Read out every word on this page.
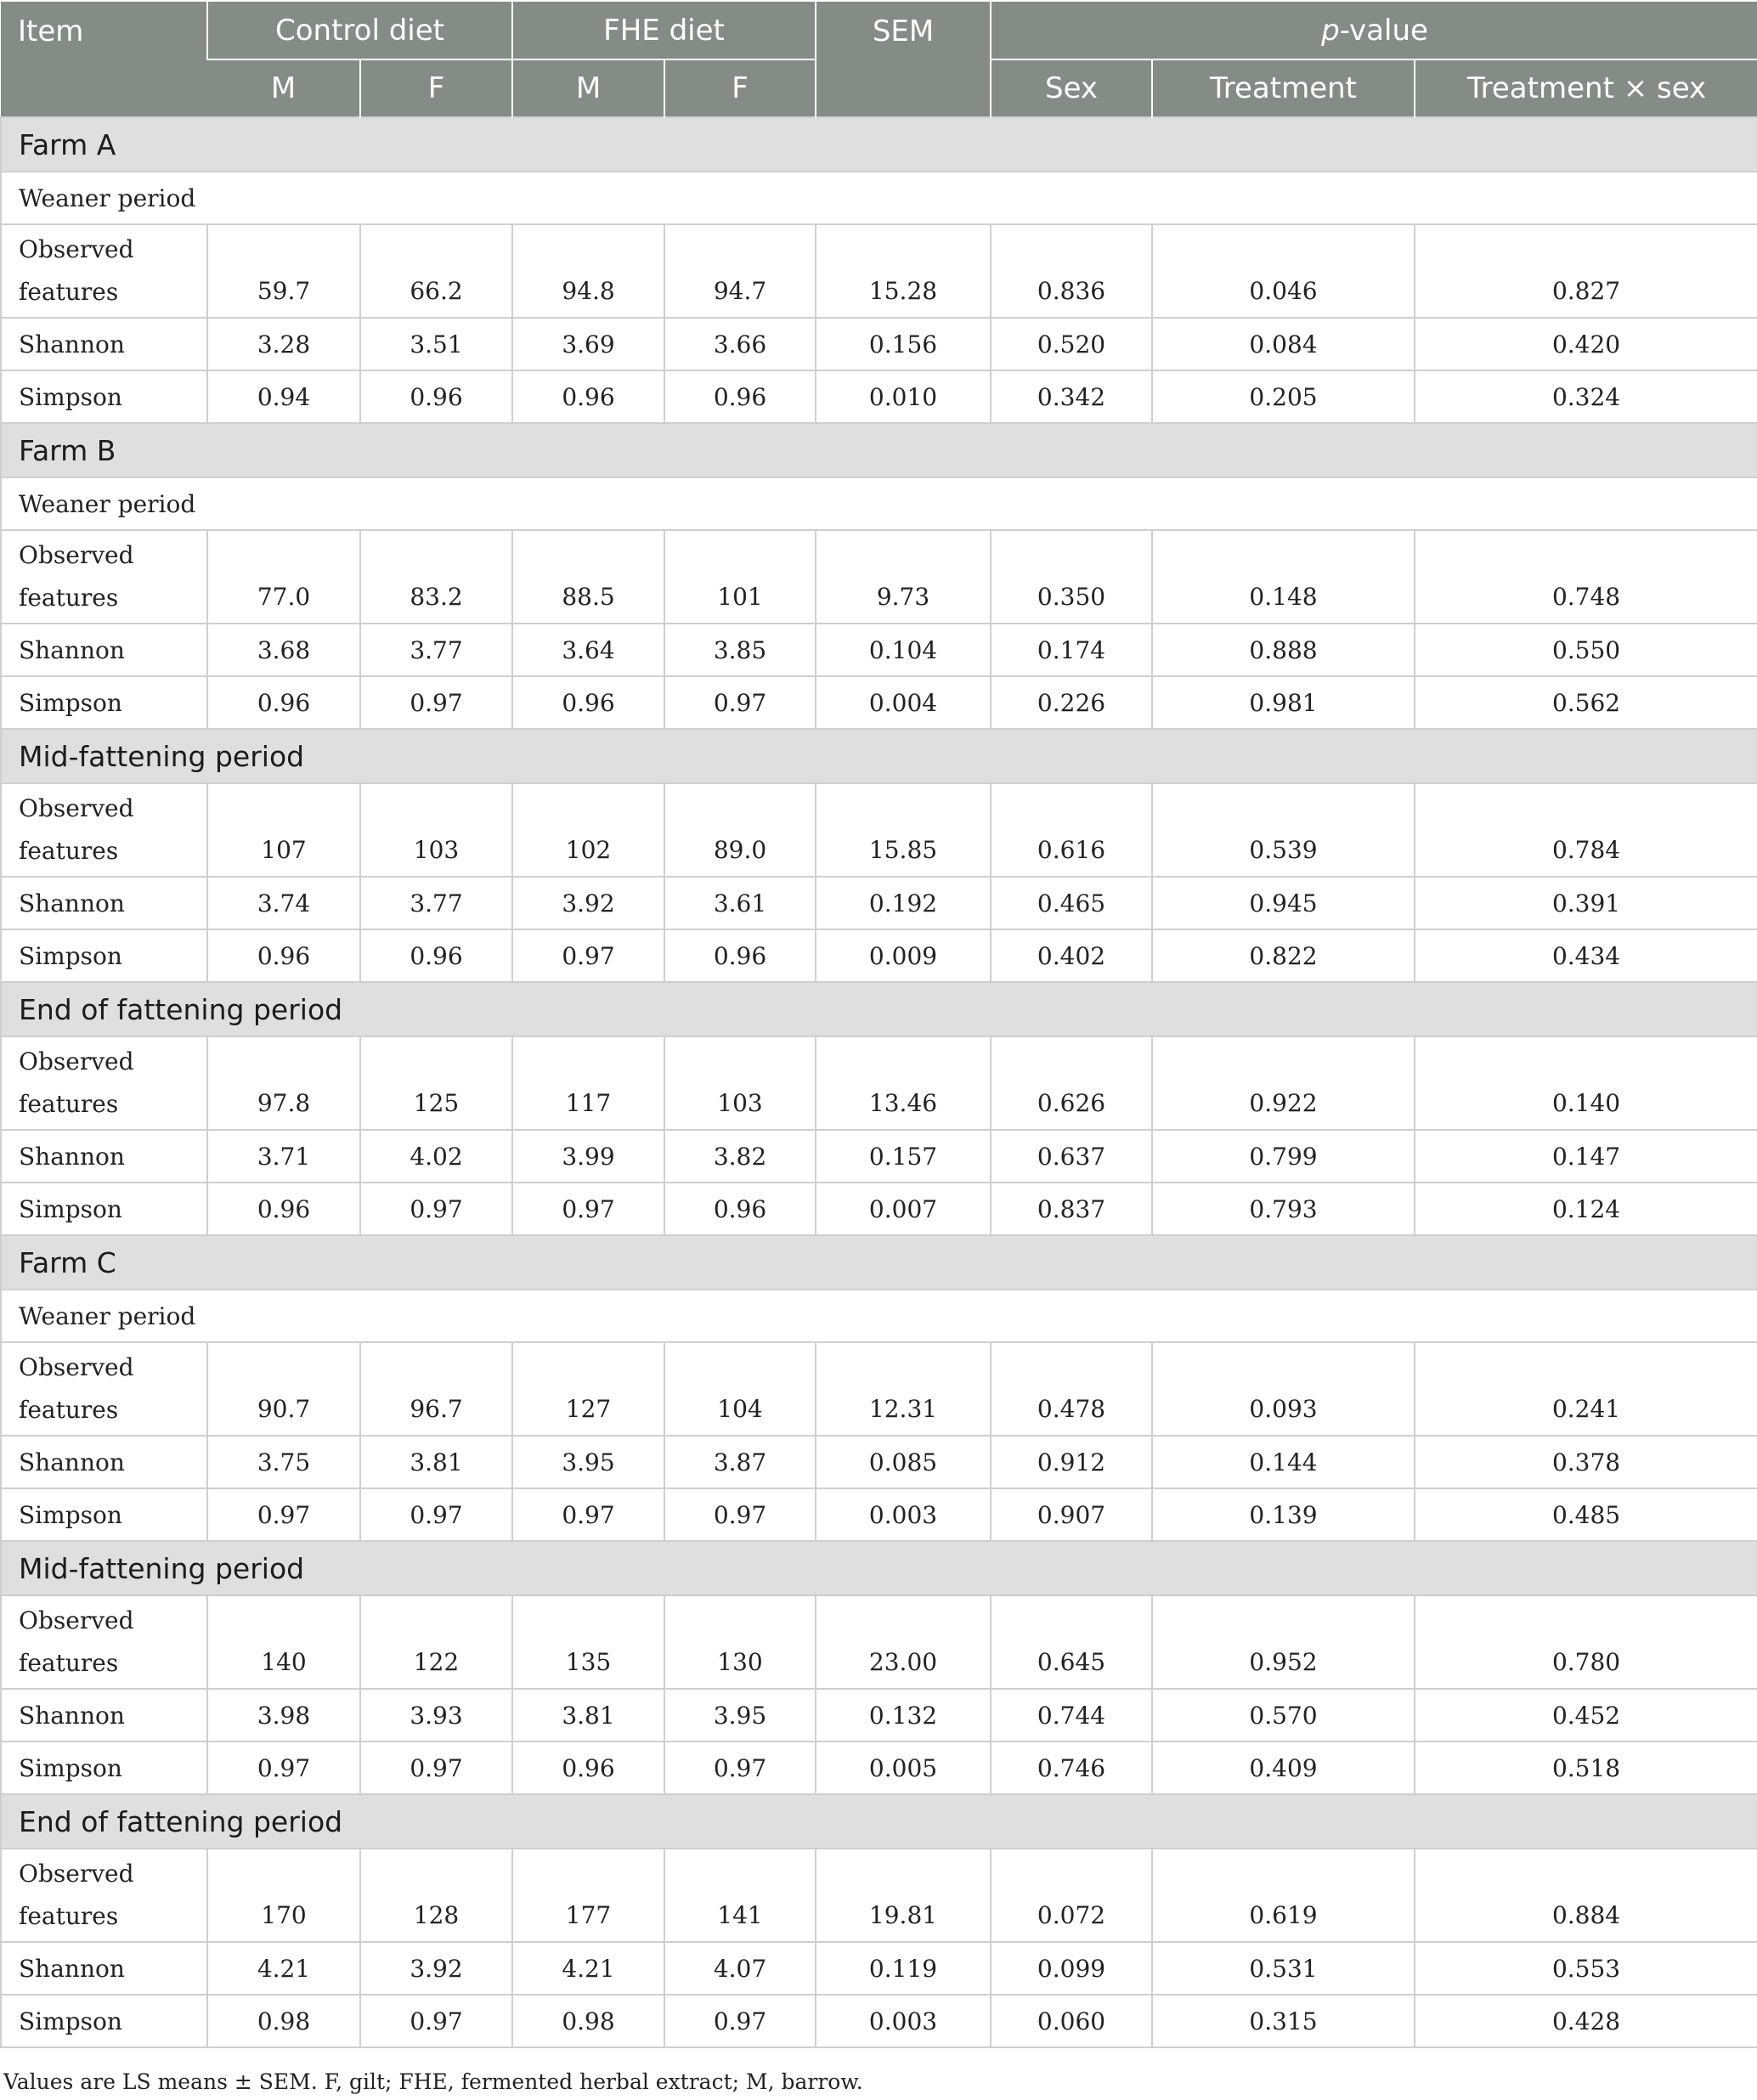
Item	Control diet		FHE diet		SEM	p-value		
	M	F	M	F		Sex	Treatment	Treatment × sex
Farm A								
Weaner period								
Observed
features	59.7	66.2	94.8	94.7	15.28	0.836	0.046	0.827
Shannon	3.28	3.51	3.69	3.66	0.156	0.520	0.084	0.420
Simpson	0.94	0.96	0.96	0.96	0.010	0.342	0.205	0.324
Farm B								
Weaner period								
Observed
features	77.0	83.2	88.5	101	9.73	0.350	0.148	0.748
Shannon	3.68	3.77	3.64	3.85	0.104	0.174	0.888	0.550
Simpson	0.96	0.97	0.96	0.97	0.004	0.226	0.981	0.562
Mid-fattening period								
Observed
features	107	103	102	89.0	15.85	0.616	0.539	0.784
Shannon	3.74	3.77	3.92	3.61	0.192	0.465	0.945	0.391
Simpson	0.96	0.96	0.97	0.96	0.009	0.402	0.822	0.434
End of fattening period								
Observed
features	97.8	125	117	103	13.46	0.626	0.922	0.140
Shannon	3.71	4.02	3.99	3.82	0.157	0.637	0.799	0.147
Simpson	0.96	0.97	0.97	0.96	0.007	0.837	0.793	0.124
Farm C								
Weaner period								
Observed
features	90.7	96.7	127	104	12.31	0.478	0.093	0.241
Shannon	3.75	3.81	3.95	3.87	0.085	0.912	0.144	0.378
Simpson	0.97	0.97	0.97	0.97	0.003	0.907	0.139	0.485
Mid-fattening period								
Observed
features	140	122	135	130	23.00	0.645	0.952	0.780
Shannon	3.98	3.93	3.81	3.95	0.132	0.744	0.570	0.452
Simpson	0.97	0.97	0.96	0.97	0.005	0.746	0.409	0.518
End of fattening period								
Observed
features	170	128	177	141	19.81	0.072	0.619	0.884
Shannon	4.21	3.92	4.21	4.07	0.119	0.099	0.531	0.553
Simpson	0.98	0.97	0.98	0.97	0.003	0.060	0.315	0.428
Values are LS means ± SEM. F, gilt; FHE, fermented herbal extract; M, barrow.
